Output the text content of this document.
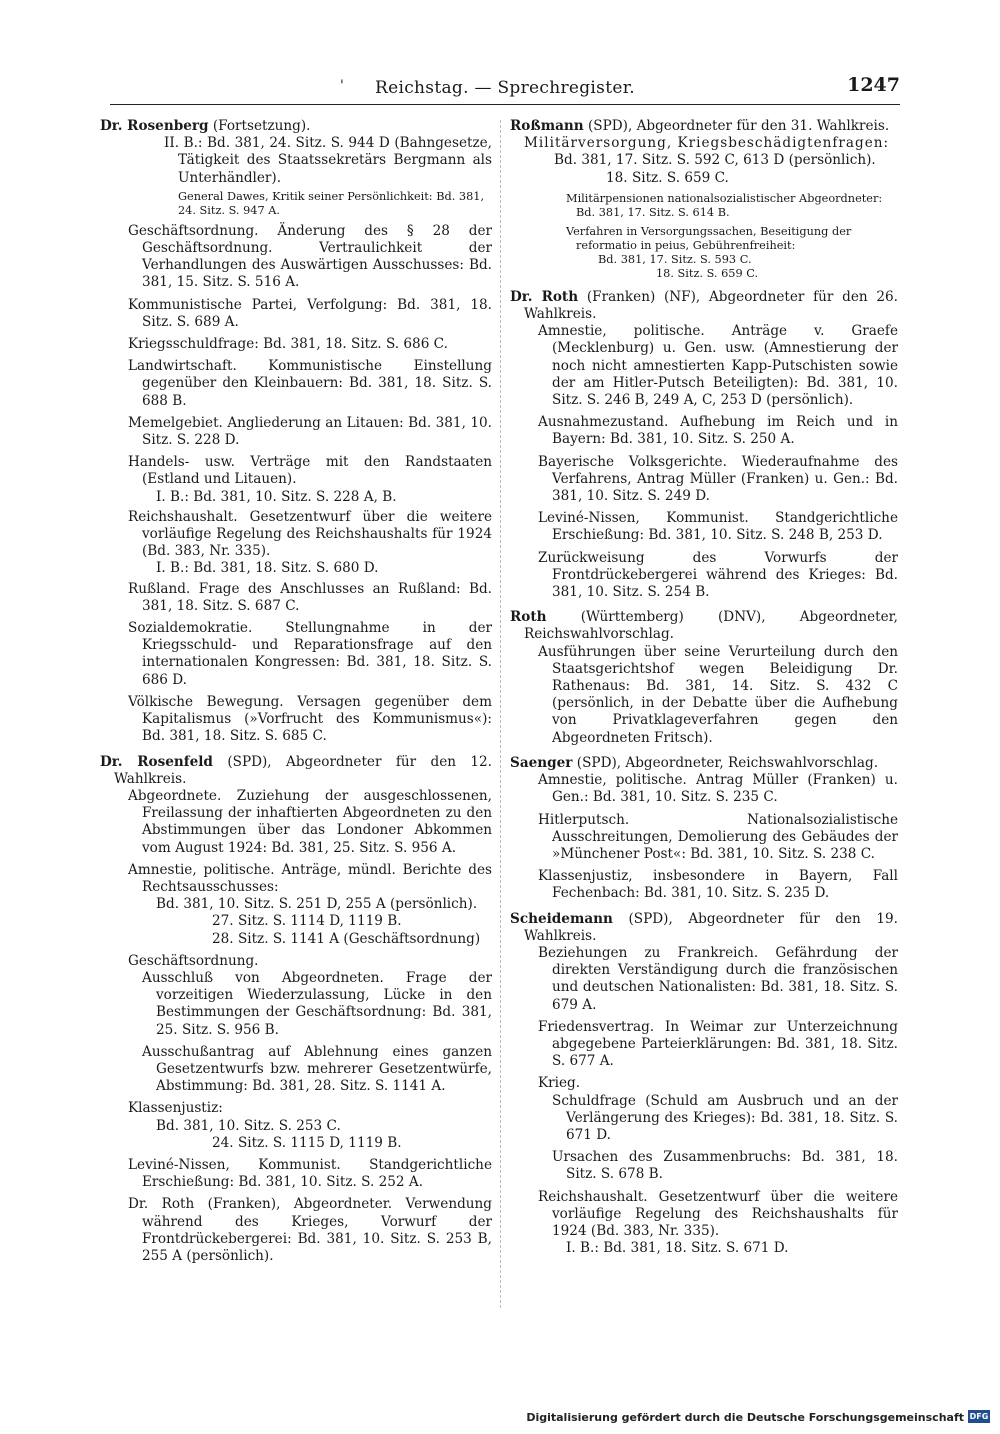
'	Reichstag. — Sprechregister.	1247

Dr. Rosenberg (Fortsetzung).

II. B.: Bd. 381, 24. Sitz. S. 944 D (Bahngesetze, Tätigkeit des Staatssekretärs Bergmann als Unterhändler).

General Dawes, Kritik seiner Persönlichkeit: Bd. 381, 24. Sitz. S. 947 A.

Geschäftsordnung. Änderung des § 28 der Geschäftsordnung. Vertraulichkeit der Verhandlungen des Auswärtigen Ausschusses: Bd. 381, 15. Sitz. S. 516 A.

Kommunistische Partei, Verfolgung: Bd. 381, 18. Sitz. S. 689 A.

Kriegsschuldfrage: Bd. 381, 18. Sitz. S. 686 C.

Landwirtschaft. Kommunistische Einstellung gegenüber den Kleinbauern: Bd. 381, 18. Sitz. S. 688 B.

Memelgebiet. Angliederung an Litauen: Bd. 381, 10. Sitz. S. 228 D.

Handels- usw. Verträge mit den Randstaaten (Estland und Litauen).

I. B.: Bd. 381, 10. Sitz. S. 228 A, B.

Reichshaushalt. Gesetzentwurf über die weitere vorläufige Regelung des Reichshaushalts für 1924 (Bd. 383, Nr. 335).

I. B.: Bd. 381, 18. Sitz. S. 680 D.

Rußland. Frage des Anschlusses an Rußland: Bd. 381, 18. Sitz. S. 687 C.

Sozialdemokratie. Stellungnahme in der Kriegsschuld- und Reparationsfrage auf den internationalen Kongressen: Bd. 381, 18. Sitz. S. 686 D.

Völkische Bewegung. Versagen gegenüber dem Kapitalismus (»Vorfrucht des Kommunismus«): Bd. 381, 18. Sitz. S. 685 C.

Dr. Rosenfeld (SPD), Abgeordneter für den 12. Wahlkreis.

Abgeordnete. Zuziehung der ausgeschlossenen, Freilassung der inhaftierten Abgeordneten zu den Abstimmungen über das Londoner Abkommen vom August 1924: Bd. 381, 25. Sitz. S. 956 A.

Amnestie, politische. Anträge, mündl. Berichte des Rechtsausschusses:

Bd. 381, 10. Sitz. S. 251 D, 255 A (persönlich).

27. Sitz. S. 1114 D, 1119 B.

28. Sitz. S. 1141 A (Geschäftsordnung)

Geschäftsordnung.

Ausschluß von Abgeordneten. Frage der vorzeitigen Wiederzulassung, Lücke in den Bestimmungen der Geschäftsordnung: Bd. 381, 25. Sitz. S. 956 B.

Ausschußantrag auf Ablehnung eines ganzen Gesetzentwurfs bzw. mehrerer Gesetzentwürfe, Abstimmung: Bd. 381, 28. Sitz. S. 1141 A.

Klassenjustiz:

Bd. 381, 10. Sitz. S. 253 C.

24. Sitz. S. 1115 D, 1119 B.

Leviné-Nissen, Kommunist. Standgerichtliche Erschießung: Bd. 381, 10. Sitz. S. 252 A.

Dr. Roth (Franken), Abgeordneter. Verwendung während des Krieges, Vorwurf der Frontdrückebergerei: Bd. 381, 10. Sitz. S. 253 B, 255 A (persönlich).

Roßmann (SPD), Abgeordneter für den 31. Wahlkreis.

Militärversorgung, Kriegsbeschädigtenfragen:

Bd. 381, 17. Sitz. S. 592 C, 613 D (persönlich).

18. Sitz. S. 659 C.

Militärpensionen nationalsozialistischer Abgeordneter: Bd. 381, 17. Sitz. S. 614 B.

Verfahren in Versorgungssachen, Beseitigung der reformatio in peius, Gebührenfreiheit:

Bd. 381, 17. Sitz. S. 593 C.

18. Sitz. S. 659 C.

Dr. Roth (Franken) (NF), Abgeordneter für den 26. Wahlkreis.

Amnestie, politische. Anträge v. Graefe (Mecklenburg) u. Gen. usw. (Amnestierung der noch nicht amnestierten Kapp-Putschisten sowie der am Hitler-Putsch Beteiligten): Bd. 381, 10. Sitz. S. 246 B, 249 A, C, 253 D (persönlich).

Ausnahmezustand. Aufhebung im Reich und in Bayern: Bd. 381, 10. Sitz. S. 250 A.

Bayerische Volksgerichte. Wiederaufnahme des Verfahrens, Antrag Müller (Franken) u. Gen.: Bd. 381, 10. Sitz. S. 249 D.

Leviné-Nissen, Kommunist. Standgerichtliche Erschießung: Bd. 381, 10. Sitz. S. 248 B, 253 D.

Zurückweisung des Vorwurfs der Frontdrückebergerei während des Krieges: Bd. 381, 10. Sitz. S. 254 B.

Roth (Württemberg) (DNV), Abgeordneter, Reichswahlvorschlag.

Ausführungen über seine Verurteilung durch den Staatsgerichtshof wegen Beleidigung Dr. Rathenaus: Bd. 381, 14. Sitz. S. 432 C (persönlich, in der Debatte über die Aufhebung von Privatklageverfahren gegen den Abgeordneten Fritsch).

Saenger (SPD), Abgeordneter, Reichswahlvorschlag.

Amnestie, politische. Antrag Müller (Franken) u. Gen.: Bd. 381, 10. Sitz. S. 235 C.

Hitlerputsch. Nationalsozialistische Ausschreitungen, Demolierung des Gebäudes der »Münchener Post«: Bd. 381, 10. Sitz. S. 238 C.

Klassenjustiz, insbesondere in Bayern, Fall Fechenbach: Bd. 381, 10. Sitz. S. 235 D.

Scheidemann (SPD), Abgeordneter für den 19. Wahlkreis.

Beziehungen zu Frankreich. Gefährdung der direkten Verständigung durch die französischen und deutschen Nationalisten: Bd. 381, 18. Sitz. S. 679 A.

Friedensvertrag. In Weimar zur Unterzeichnung abgegebene Parteierklärungen: Bd. 381, 18. Sitz. S. 677 A.

Krieg.

Schuldfrage (Schuld am Ausbruch und an der Verlängerung des Krieges): Bd. 381, 18. Sitz. S. 671 D.

Ursachen des Zusammenbruchs: Bd. 381, 18. Sitz. S. 678 B.

Reichshaushalt. Gesetzentwurf über die weitere vorläufige Regelung des Reichshaushalts für 1924 (Bd. 383, Nr. 335).

I. B.: Bd. 381, 18. Sitz. S. 671 D.

Digitalisierung gefördert durch die Deutsche Forschungsgemeinschaft DFG
